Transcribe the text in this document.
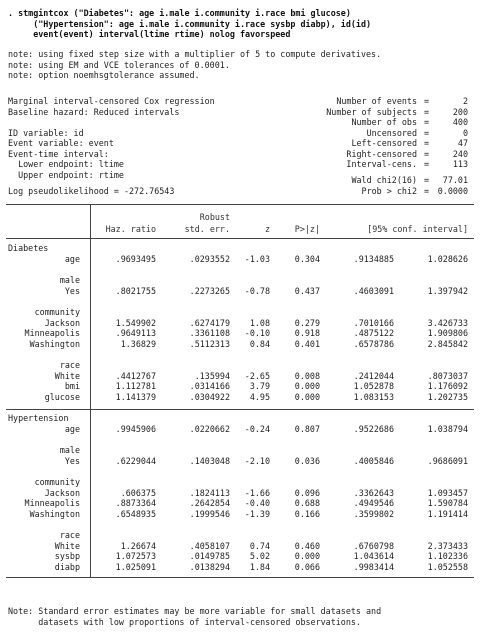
. stmgintcox ("Diabetes": age i.male i.community i.race bmi glucose)
("Hypertension": age i.male i.community i.race sysbp diabp), id(id)
event(event) interval(ltime rtime) nolog favorspeed
note: using fixed step size with a multiplier of 5 to compute derivatives.
note: using EM and VCE tolerances of 0.0001.
note: option noemhsgtolerance assumed.
Marginal interval-censored Cox regression
Baseline hazard: Reduced intervals
ID variable: id
Event variable: event
Event-time interval:
Lower endpoint: ltime
Upper endpoint: rtime
Log pseudolikelihood = -272.76543
Number of events =	2
Number of subjects =	200
Number of obs =	400
Uncensored =	0
Left-censored =	47
Right-censored =	240
Interval-cens. =	113
Wald chi2(16) =	77.01
Prob > chi2 =	0.0000
Robust
Haz. ratio	std. err.	z	P>|z|	[95% conf. interval]
Diabetes
age	.9693495	.0293552	-1.03	0.304	.9134885	1.028626
male
Yes	.8021755	.2273265	-0.78	0.437	.4603091	1.397942
community
Jackson	1.549902	.6274179	1.08	0.279	.7010166	3.426733
Minneapolis	.9649113	.3361108	-0.10	0.918	.4875122	1.909806
Washington	1.36829	.5112313	0.84	0.401	.6578786	2.845842
race
White	.4412767	.135994	-2.65	0.008	.2412044	.8073037
bmi	1.112781	.0314166	3.79	0.000	1.052878	1.176092
glucose	1.141379	.0304922	4.95	0.000	1.083153	1.202735
Hypertension
age	.9945906	.0220662	-0.24	0.807	.9522686	1.038794
male
Yes	.6229044	.1403048	-2.10	0.036	.4005846	.9686091
community
Jackson	.606375	.1824113	-1.66	0.096	.3362643	1.093457
Minneapolis	.8873364	.2642854	-0.40	0.688	.4949546	1.590784
Washington	.6548935	.1999546	-1.39	0.166	.3599802	1.191414
race
White	1.26674	.4058107	0.74	0.460	.6760798	2.373433
sysbp	1.072573	.0149785	5.02	0.000	1.043614	1.102336
diabp	1.025091	.0138294	1.84	0.066	.9983414	1.052558
Note: Standard error estimates may be more variable for small datasets and
datasets with low proportions of interval-censored observations.
